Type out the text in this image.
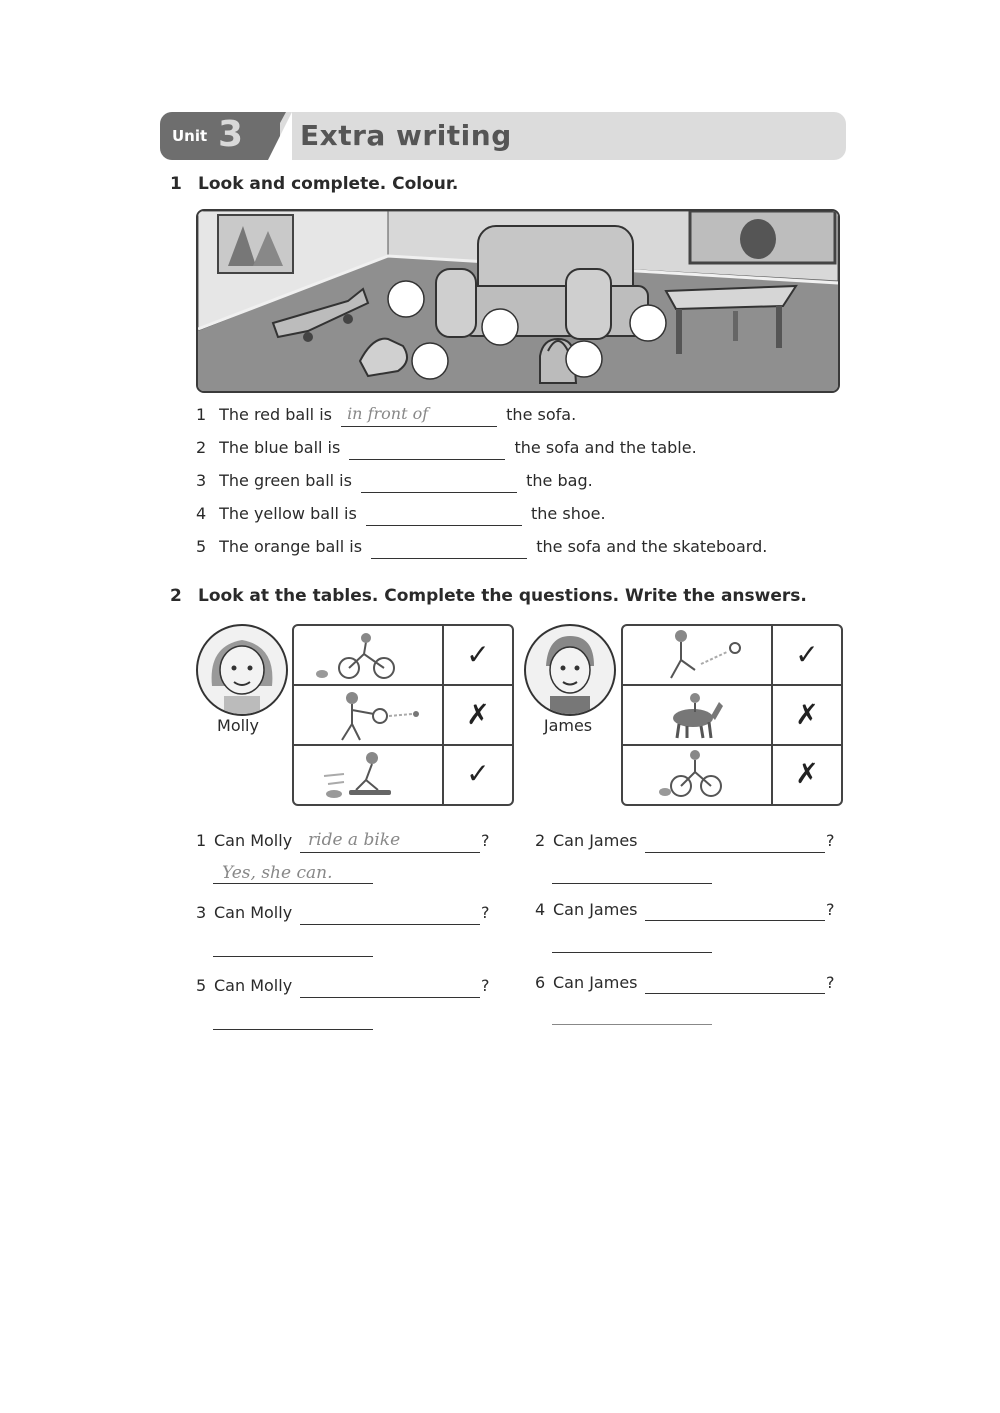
Unit 3 Extra writing
1 Look and complete. Colour.
1 The red ball is in front of	the sofa.
2 The blue ball is	the sofa and the table.
3 The green ball is	the bag.
4 The yellow ball is	the shoe.
5 The orange ball is	the sofa and the skateboard.
2 Look at the tables. Complete the questions. Write the answers.
Molly
✓
✗
✓
James
✓
✗
✗
1 Can Molly ride a bike	?
Yes, she can.
2 Can James	?
3 Can Molly	?	4 Can James	?
5 Can Molly	?	6 Can James	?
